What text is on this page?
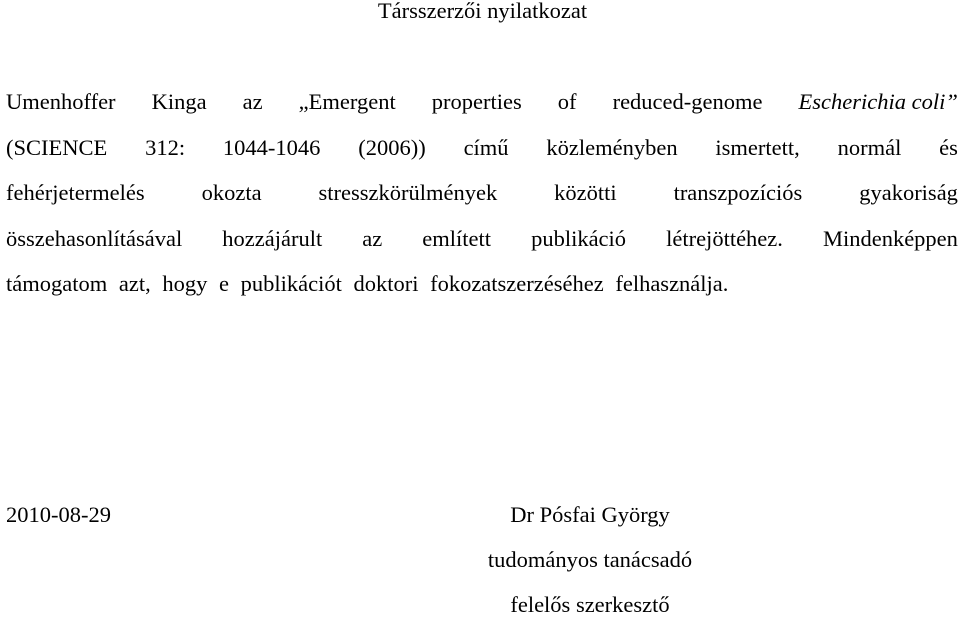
Társszerzői nyilatkozat
Umenhoffer Kinga az „Emergent properties of reduced-genome Escherichia coli”
(SCIENCE 312: 1044-1046 (2006)) című közleményben ismertett, normál és
fehérjetermelés	okozta	stresszkörülmények	közötti	transzpozíciós	gyakoriság
összehasonlításával hozzájárult az említett publikáció létrejöttéhez. Mindenképpen
támogatom azt, hogy e publikációt doktori fokozatszerzéséhez felhasználja.
2010-08-29	Dr Pósfai György
tudományos tanácsadó
felelős szerkesztő
